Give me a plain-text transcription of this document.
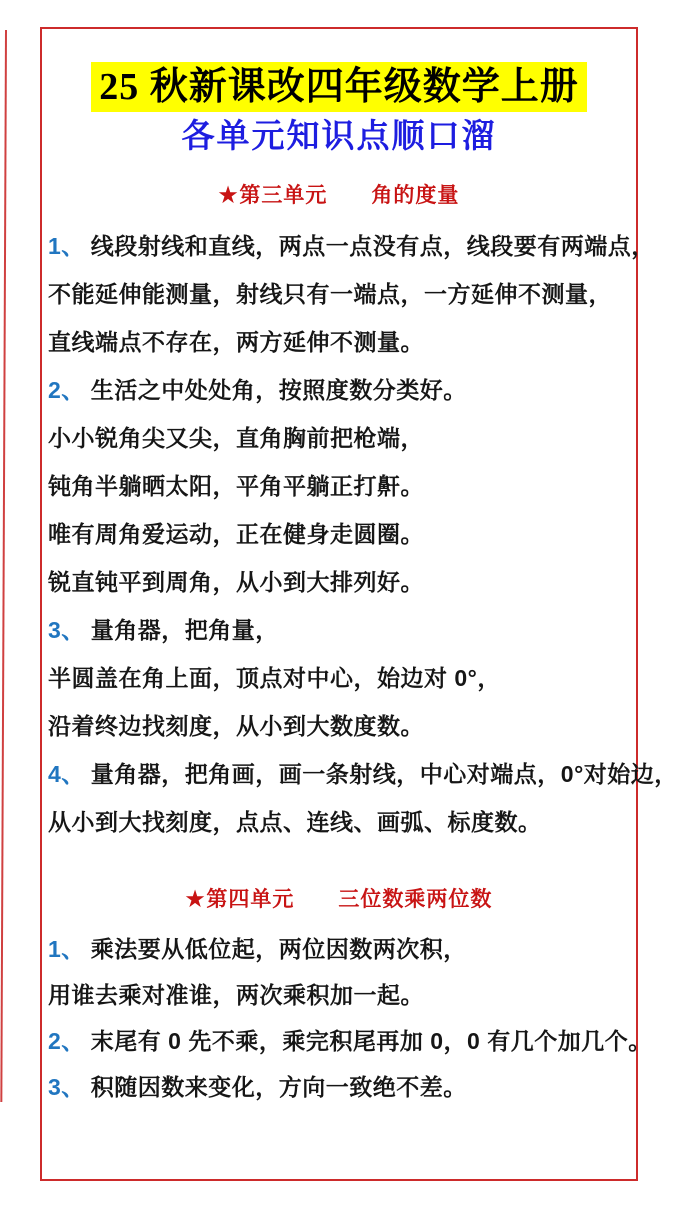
25 秋新课改四年级数学上册
各单元知识点顺口溜
★第三单元 角的度量

1、 线段射线和直线，两点一点没有点，线段要有两端点，

不能延伸能测量，射线只有一端点，一方延伸不测量，

直线端点不存在，两方延伸不测量。

2、 生活之中处处角，按照度数分类好。

小小锐角尖又尖，直角胸前把枪端，

钝角半躺晒太阳，平角平躺正打鼾。

唯有周角爱运动，正在健身走圆圈。

锐直钝平到周角，从小到大排列好。

3、 量角器，把角量，

半圆盖在角上面，顶点对中心，始边对 0°，

沿着终边找刻度，从小到大数度数。

4、 量角器，把角画，画一条射线，中心对端点，0°对始边，

从小到大找刻度，点点、连线、画弧、标度数。

★第四单元 三位数乘两位数

1、 乘法要从低位起，两位因数两次积，

用谁去乘对准谁，两次乘积加一起。

2、 末尾有 0 先不乘，乘完积尾再加 0，0 有几个加几个。

3、 积随因数来变化，方向一致绝不差。
